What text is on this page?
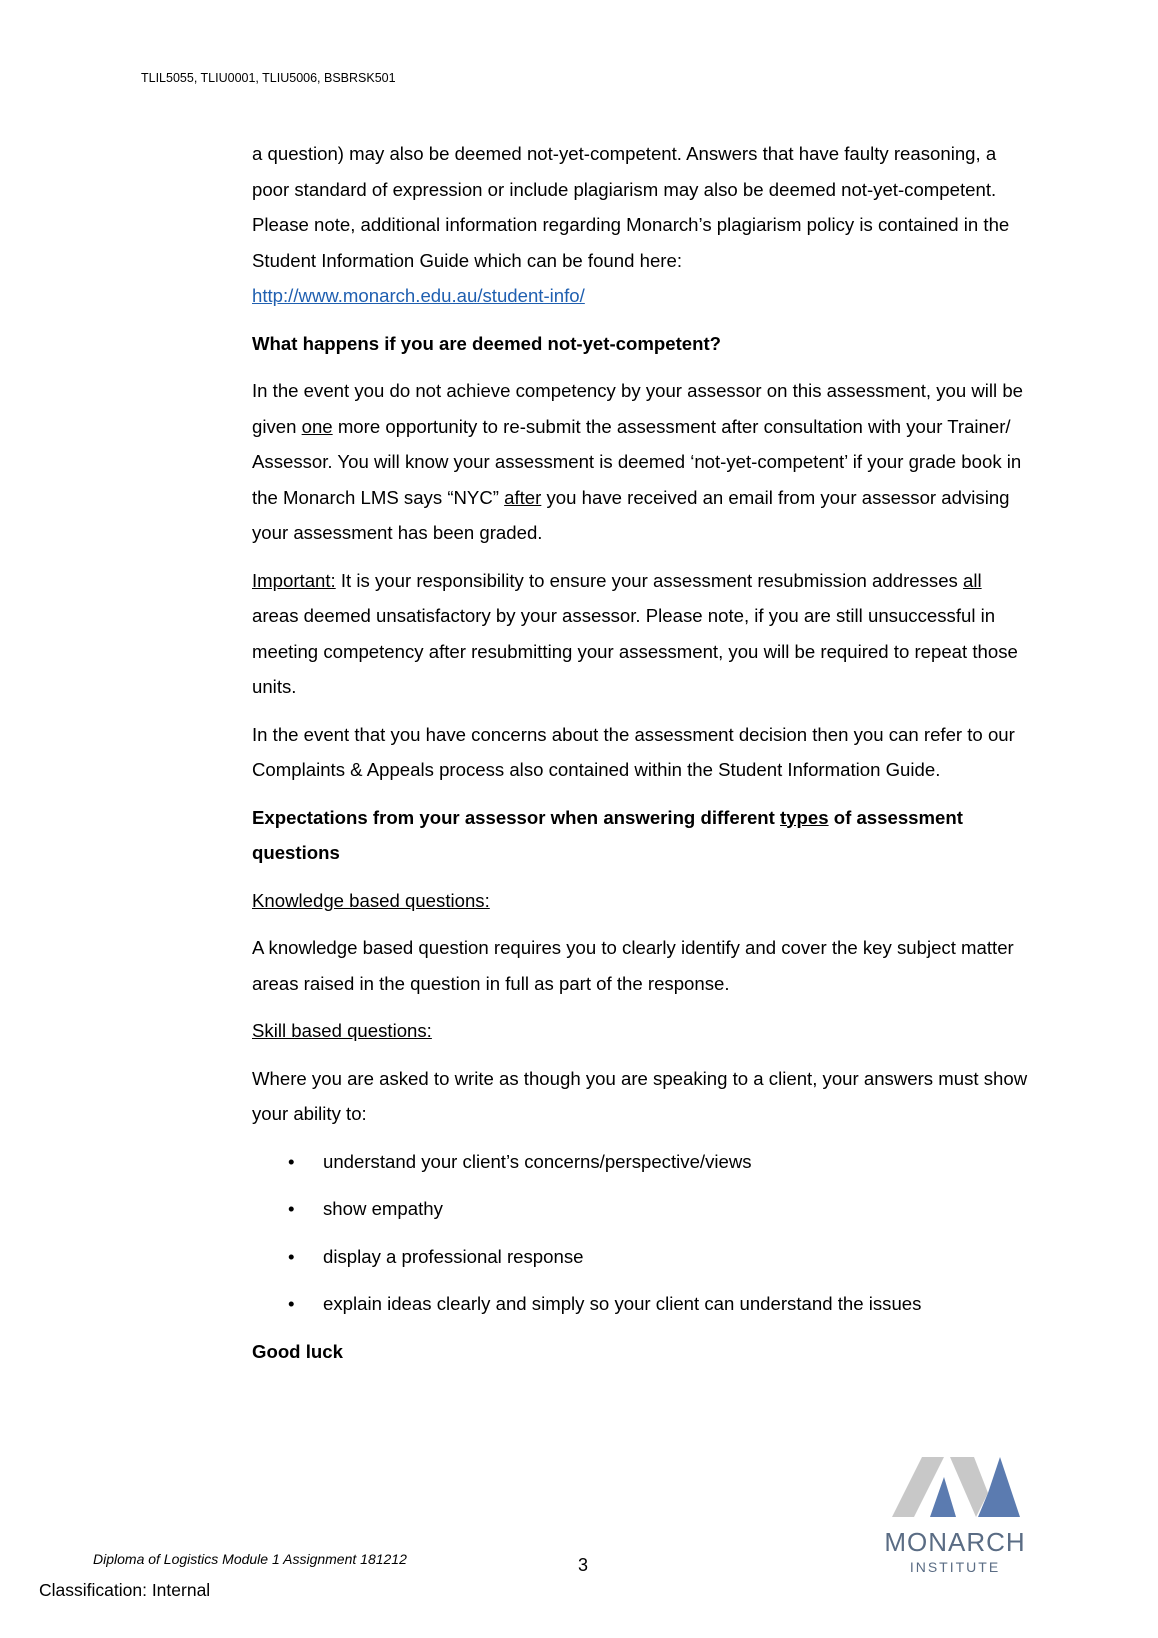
TLIL5055, TLIU0001, TLIU5006, BSBRSK501

a question) may also be deemed not-yet-competent. Answers that have faulty reasoning, a poor standard of expression or include plagiarism may also be deemed not-yet-competent. Please note, additional information regarding Monarch’s plagiarism policy is contained in the Student Information Guide which can be found here:
http://www.monarch.edu.au/student-info/

What happens if you are deemed not-yet-competent?

In the event you do not achieve competency by your assessor on this assessment, you will be given one more opportunity to re-submit the assessment after consultation with your Trainer/ Assessor. You will know your assessment is deemed ‘not-yet-competent’ if your grade book in the Monarch LMS says “NYC” after you have received an email from your assessor advising your assessment has been graded.

Important: It is your responsibility to ensure your assessment resubmission addresses all areas deemed unsatisfactory by your assessor. Please note, if you are still unsuccessful in meeting competency after resubmitting your assessment, you will be required to repeat those units.

In the event that you have concerns about the assessment decision then you can refer to our Complaints & Appeals process also contained within the Student Information Guide.

Expectations from your assessor when answering different types of assessment questions

Knowledge based questions:

A knowledge based question requires you to clearly identify and cover the key subject matter areas raised in the question in full as part of the response.

Skill based questions:

Where you are asked to write as though you are speaking to a client, your answers must show your ability to:

• understand your client’s concerns/perspective/views
• show empathy
• display a professional response
• explain ideas clearly and simply so your client can understand the issues

Good luck

MONARCH
INSTITUTE
Diploma of Logistics Module 1 Assignment 181212	3
Classification: Internal
